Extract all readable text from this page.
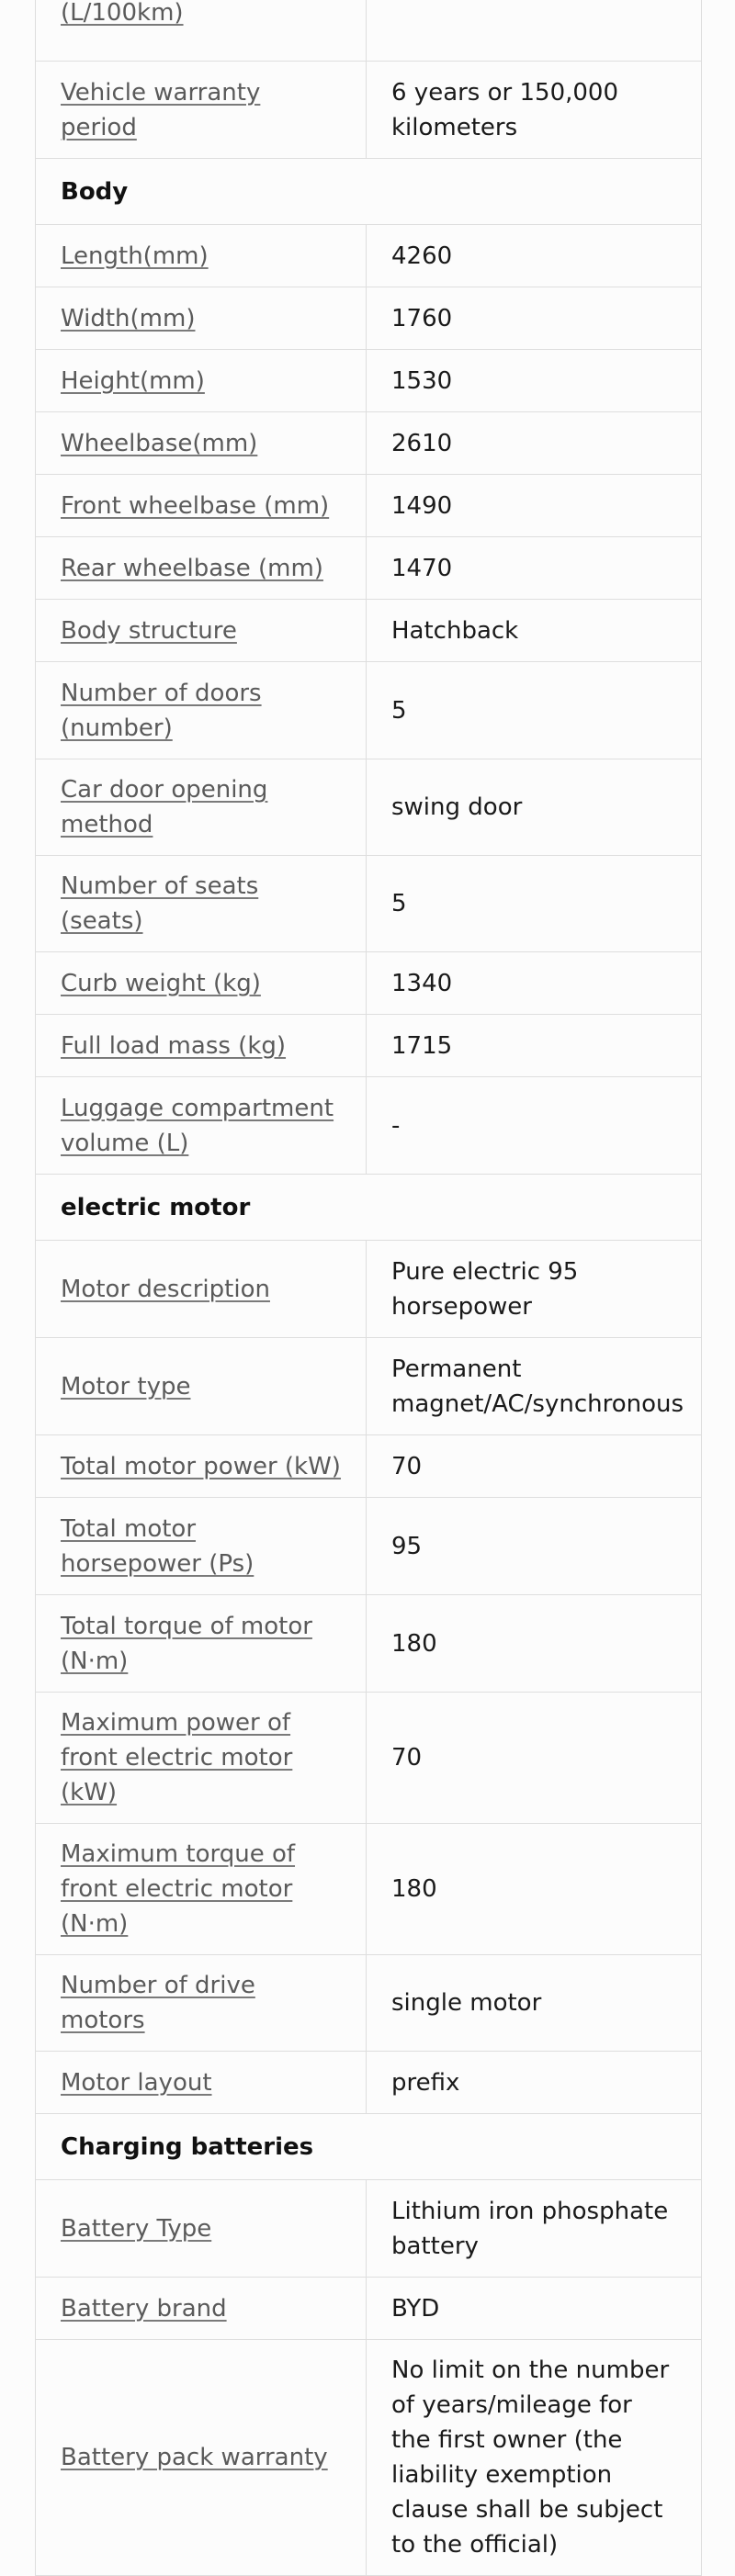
(L/100km)	
Vehicle warranty period	6 years or 150,000 kilometers
Body	
Length(mm)	4260
Width(mm)	1760
Height(mm)	1530
Wheelbase(mm)	2610
Front wheelbase (mm)	1490
Rear wheelbase (mm)	1470
Body structure	Hatchback
Number of doors (number)	5
Car door opening method	swing door
Number of seats (seats)	5
Curb weight (kg)	1340
Full load mass (kg)	1715
Luggage compartment volume (L)	-
electric motor	
Motor description	Pure electric 95 horsepower
Motor type	Permanent magnet/AC/synchronous
Total motor power (kW)	70
Total motor horsepower (Ps)	95
Total torque of motor (N·m)	180
Maximum power of front electric motor (kW)	70
Maximum torque of front electric motor (N·m)	180
Number of drive motors	single motor
Motor layout	prefix
Charging batteries	
Battery Type	Lithium iron phosphate battery
Battery brand	BYD
Battery pack warranty	No limit on the number of years/mileage for the first owner (the liability exemption clause shall be subject to the official)
